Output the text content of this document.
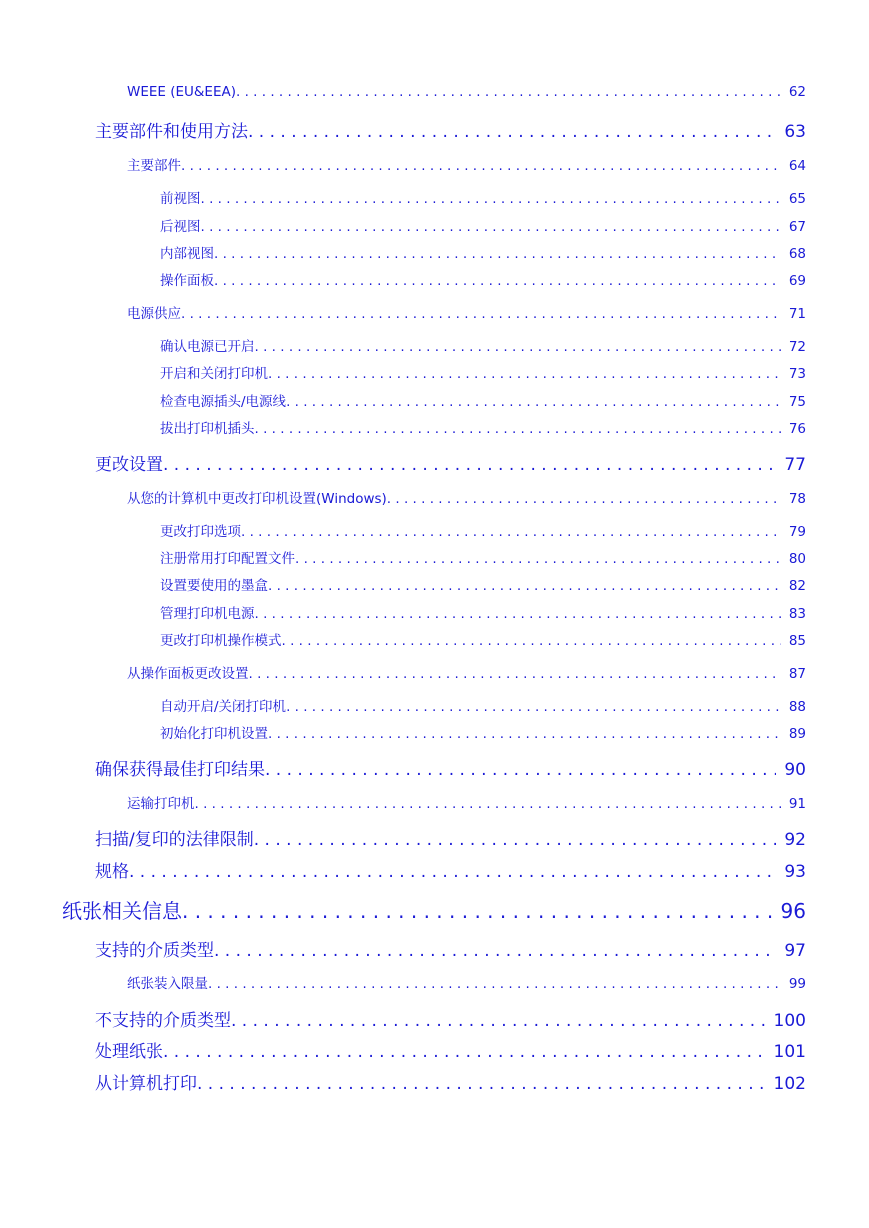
WEEE (EU&EEA) . . .	62
主要部件和使用方法 . . .	63
主要部件 . . .	64
前视图 . . .	65
后视图 . . .	67
内部视图 . . .	68
操作面板 . . .	69
电源供应 . . .	71
确认电源已开启 . . .	72
开启和关闭打印机 . . .	73
检查电源插头/电源线 . . .	75
拔出打印机插头 . . .	76
更改设置 . . .	77
从您的计算机中更改打印机设置(Windows) . . .	78
更改打印选项 . . .	79
注册常用打印配置文件 . . .	80
设置要使用的墨盒 . . .	82
管理打印机电源 . . .	83
更改打印机操作模式 . . .	85
从操作面板更改设置 . . .	87
自动开启/关闭打印机 . . .	88
初始化打印机设置 . . .	89
确保获得最佳打印结果 . . .	90
运输打印机 . . .	91
扫描/复印的法律限制 . . .	92
规格 . . .	93
纸张相关信息 . . .	96
支持的介质类型 . . .	97
纸张装入限量 . . .	99
不支持的介质类型 . . .	100
处理纸张 . . .	101
从计算机打印 . . .	102
